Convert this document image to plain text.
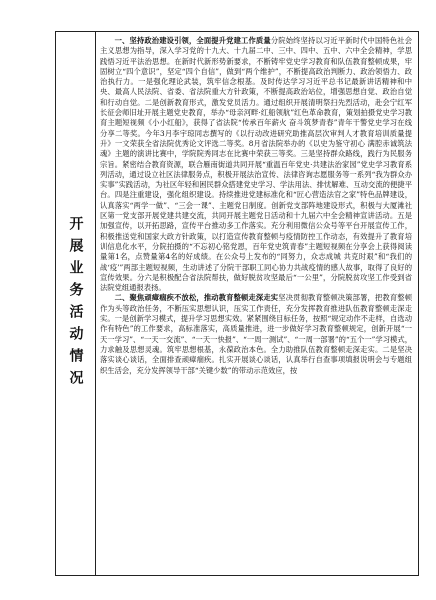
开展业务活动情况

一、坚持政治建设引领，全面提升党建工作质量分院始终坚持以习近平新时代中国特色社会主义思想为指导，深入学习党的十九大、十九届二中、三中、四中、五中、六中全会精神，学思践悟习近平法治思想。在新时代新形势新要求，不断铸牢党史学习教育和队伍教育整顿成果，牢固树立“四个意识”，坚定“四个自信”，做到“两个维护”，不断提高政治判断力、政治领悟力、政治执行力。一是强化理论武装，筑牢信念根基。及时传达学习习近平总书记最新讲话精神和中央、最高人民法院、省委、省法院重大方针政策，不断提高政治站位，增强思想自觉、政治自觉和行动自觉。二是创新教育形式，激发党员活力。通过组织开展清明祭扫先烈活动，赴会宁红军长征会师旧址开展主题党史教育，举办“母亲河畔·红船领航”红色革命教育，策划拍摄党史学习教育主题短视频《小小红船》，获得了省法院“传承百年薪火 奋斗筑梦青春”青年干警党史学习在线分享二等奖。今年3月李宇琼同志撰写的《以行动改进研究助推高层次审判人才教育培训质量提升》一文荣获全省法院优秀论文评选二等奖。8月省法院举办的《以史为鉴守初心 满腔赤诚筑法魂》主题的演讲比赛中，学院院秀同志在比赛中荣获三等奖。三是坚持群众路线，践行为民服务宗旨。紧密结合教育资源，联合雁南街道共同开展“重温百年党史·共建法治家园”党史学习教育系列活动，通过设立社区法律服务点，积极开展法治宣传、法律咨询志愿服务等一系列“我为群众办实事”实践活动，为社区年轻和困民群众搭建党史学习、学法用法、排忧解难、互动交流的便捷平台。四是注重建设，强化组织建设。持续推进党建标准化和“匠心营造法官之家”特色品牌建设，认真落实“两学一做”、“三会一课”、主题党日制度。创新党支部阵地建设形式，积极与大厦滩社区第一党支部开展党建共建交流，共同开展主题党日活动和十九届六中全会精神宣讲活动。五是加强宣传，以开拓思路，宣传平台推动多工作落实。充分利用微信公众号等平台开展宣传工作，积极推送党和国家大政方针政策，以打造宣传教育整顿与疫情防控工作动态，有效提升了教育培训信息化水平，分院拍摄的“不忘初心铭党恩，百年党史筑青春”主题短视频在分享会上获得阅读量第1名，点赞量第4名的好成绩。在公众号上发布的“同努力，众志成城 共克时艰”和“我们的战‘疫’”两部主题短视频，生动讲述了分院干部职工同心协力共战疫情的感人故事，取得了良好的宣传效果。分六是积极配合省法院帮扶，做好脱贫攻坚最后“一公里”，分院脱贫攻坚工作受到省法院党组通报表扬。

二、聚焦顽瘴痼疾不放松，推动教育整顿走深走实坚决贯彻教育整顿决策部署，把教育整顿作为头等政治任务，不断压实思想认识，压实工作责任，充分发挥教育推进队伍教育整顿走深走实。一是创新学习模式，提升学习思想实效。紧紧围绕目标任务，按照“规定动作不走样，自选动作有特色”的工作要求，高标准落实，高质量推进，进一步做好学习教育整顿规定，创新开展“一天一学习”、“一天一交流”、“一天一快报”、“一周一测试”、“一周一部署”的“五个一”学习模式，力求触及思想灵魂。筑牢思想根基，永葆政治本色。全力助推队伍教育整顿走深走实。二是坚决落实谈心谈话，全面排查顽瘴痼疾。扎实开展谈心谈话，认真举行自查事项填报说明会与专题组织生活会，充分发挥领导干部“关键少数”的带动示范效应，按
